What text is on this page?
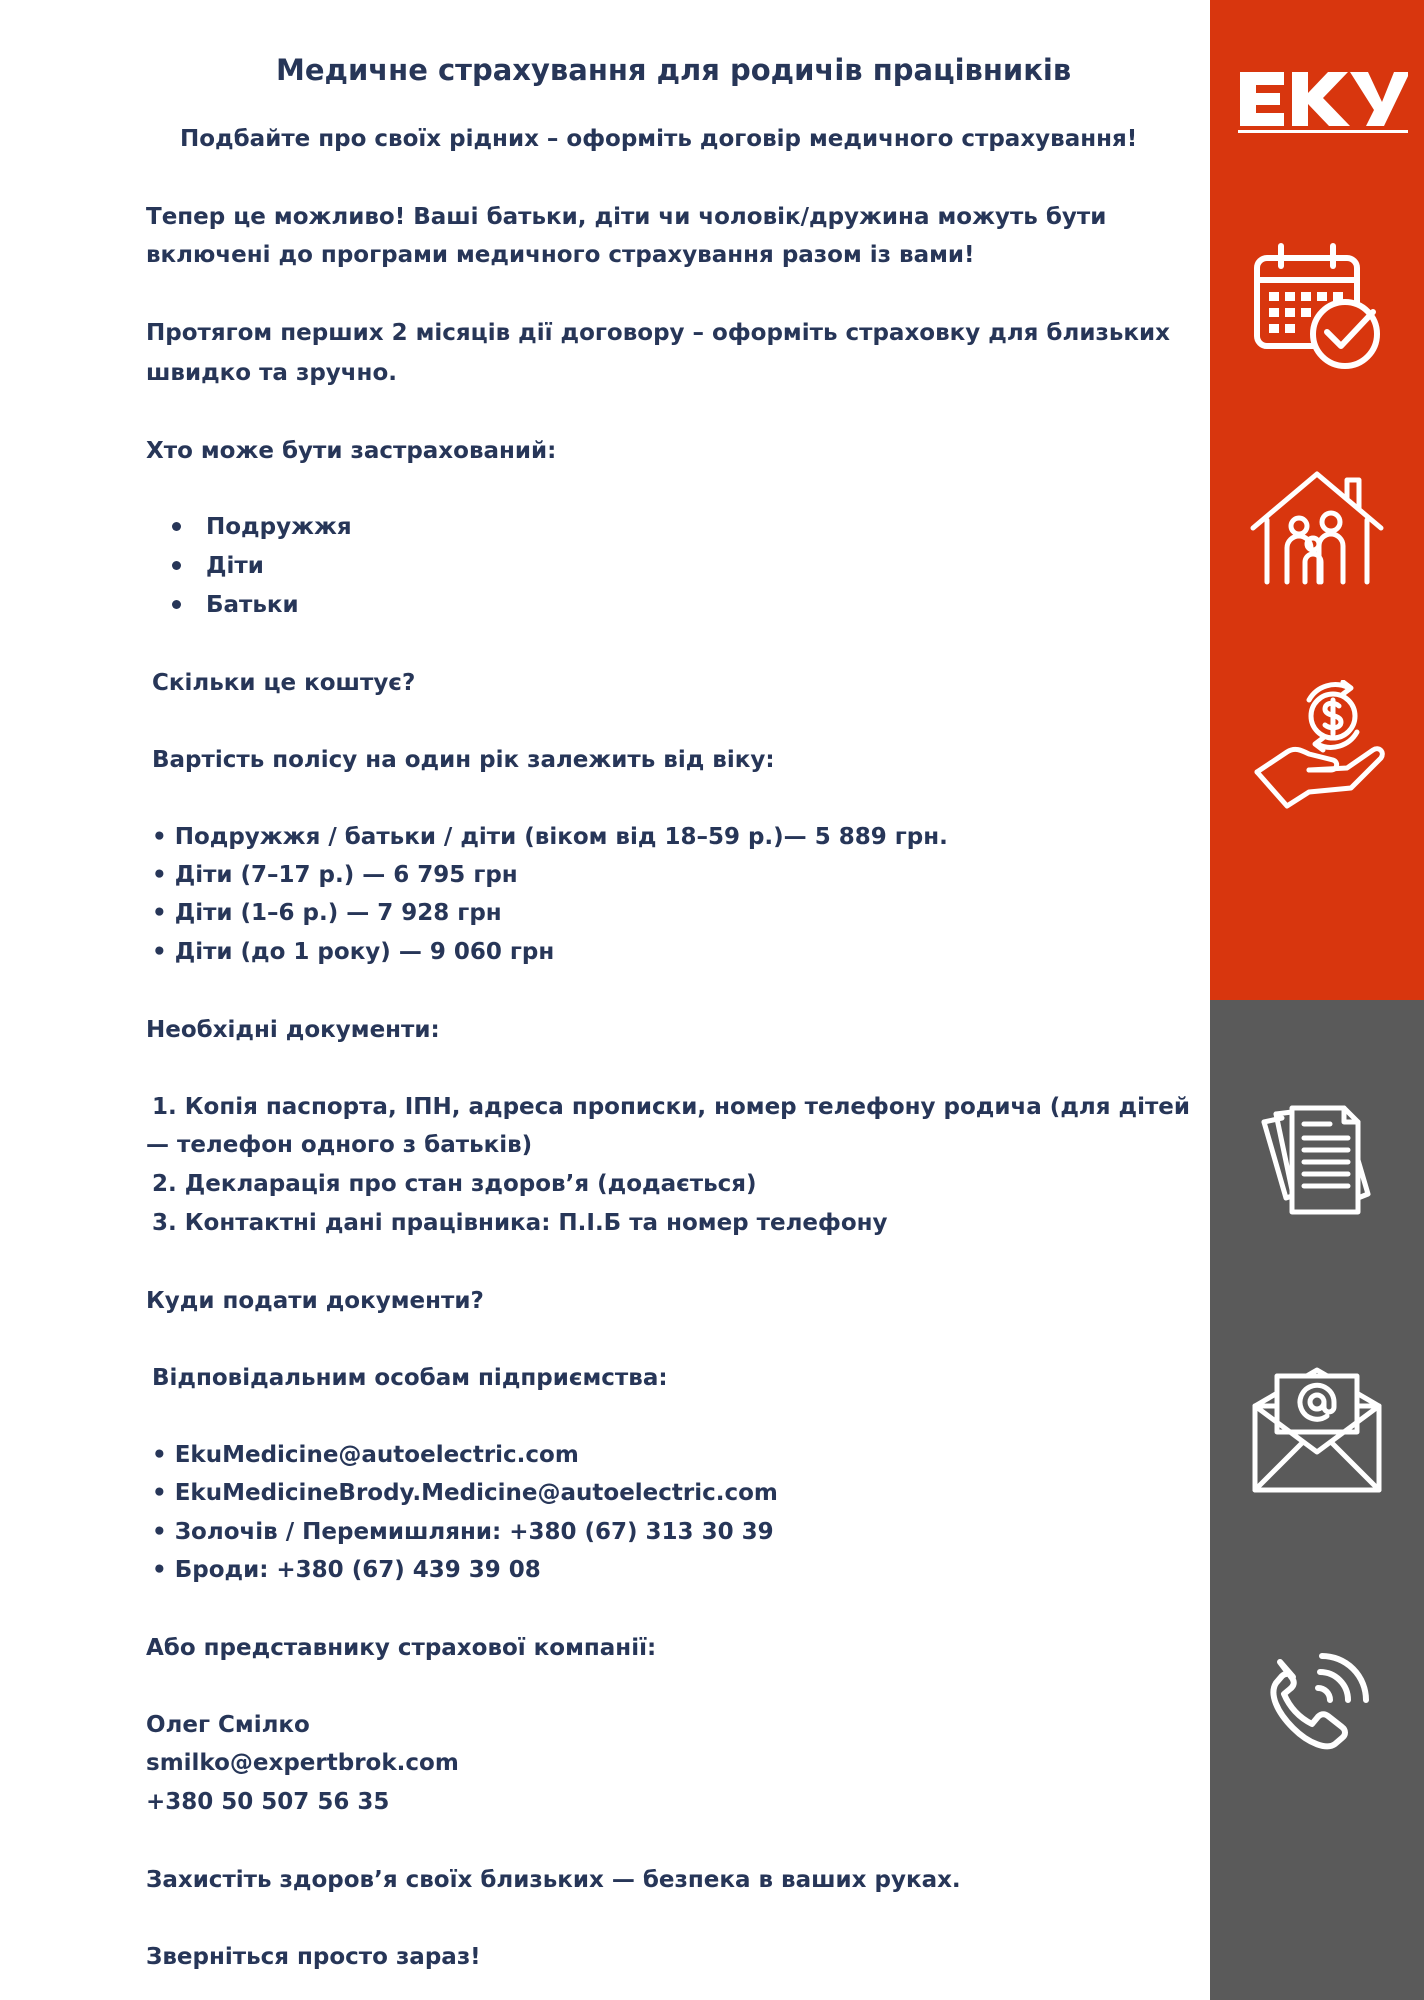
Медичне страхування для родичів працівників

Подбайте про своїх рідних – оформіть договір медичного страхування!

Тепер це можливо! Ваші батьки, діти чи чоловік/дружина можуть бути

включені до програми медичного страхування разом із вами!

Протягом перших 2 місяців дії договору – оформіть страховку для близьких

швидко та зручно.

Хто може бути застрахований:

Подружжя

Діти

Батьки

Скільки це коштує?

Вартість полісу на один рік залежить від віку:

• Подружжя / батьки / діти (віком від 18–59 р.)— 5 889 грн.

• Діти (7–17 р.) — 6 795 грн

• Діти (1–6 р.) — 7 928 грн

• Діти (до 1 року) — 9 060 грн

Необхідні документи:

1. Копія паспорта, ІПН, адреса прописки, номер телефону родича (для дітей

— телефон одного з батьків)

2. Декларація про стан здоров’я (додається)

3. Контактні дані працівника: П.І.Б та номер телефону

Куди подати документи?

Відповідальним особам підприємства:

• EkuMedicine@autoelectric.com

• EkuMedicineBrody.Medicine@autoelectric.com

• Золочів / Перемишляни: +380 (67) 313 30 39

• Броди: +380 (67) 439 39 08

Або представнику страхової компанії:

Олег Смілко

smilko@expertbrok.com

+380 50 507 56 35

Захистіть здоров’я своїх близьких — безпека в ваших руках.

Зверніться просто зараз!
